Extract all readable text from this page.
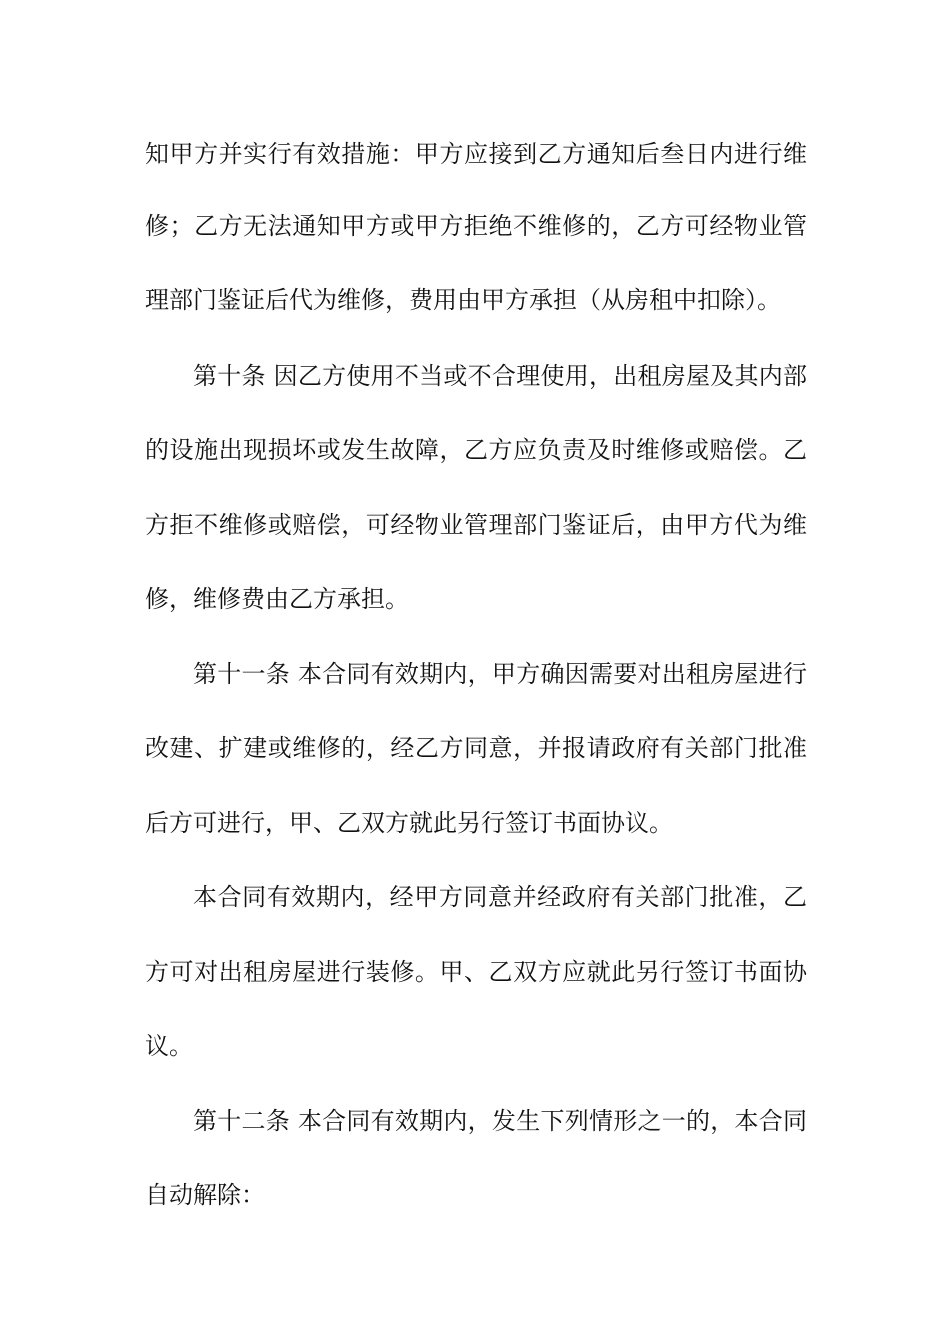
知甲方并实行有效措施：甲方应接到乙方通知后叁日内进行维
修；乙方无法通知甲方或甲方拒绝不维修的，乙方可经物业管
理部门鉴证后代为维修，费用由甲方承担（从房租中扣除）。
第十条 因乙方使用不当或不合理使用，出租房屋及其内部
的设施出现损坏或发生故障，乙方应负责及时维修或赔偿。乙
方拒不维修或赔偿，可经物业管理部门鉴证后，由甲方代为维
修，维修费由乙方承担。
第十一条 本合同有效期内，甲方确因需要对出租房屋进行
改建、扩建或维修的，经乙方同意，并报请政府有关部门批准
后方可进行，甲、乙双方就此另行签订书面协议。
本合同有效期内，经甲方同意并经政府有关部门批准，乙
方可对出租房屋进行装修。甲、乙双方应就此另行签订书面协
议。
第十二条 本合同有效期内，发生下列情形之一的，本合同
自动解除：
